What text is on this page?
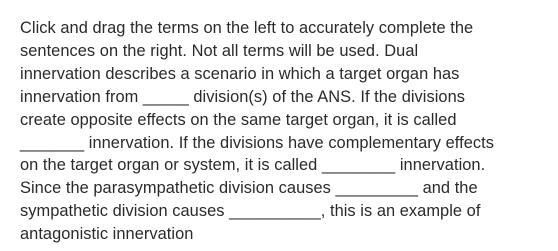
Click and drag the terms on the left to accurately complete the
sentences on the right. Not all terms will be used. Dual
innervation describes a scenario in which a target organ has
innervation from _____ division(s) of the ANS. If the divisions
create opposite effects on the same target organ, it is called
_______ innervation. If the divisions have complementary effects
on the target organ or system, it is called ________ innervation.
Since the parasympathetic division causes _________ and the
sympathetic division causes __________, this is an example of
antagonistic innervation
